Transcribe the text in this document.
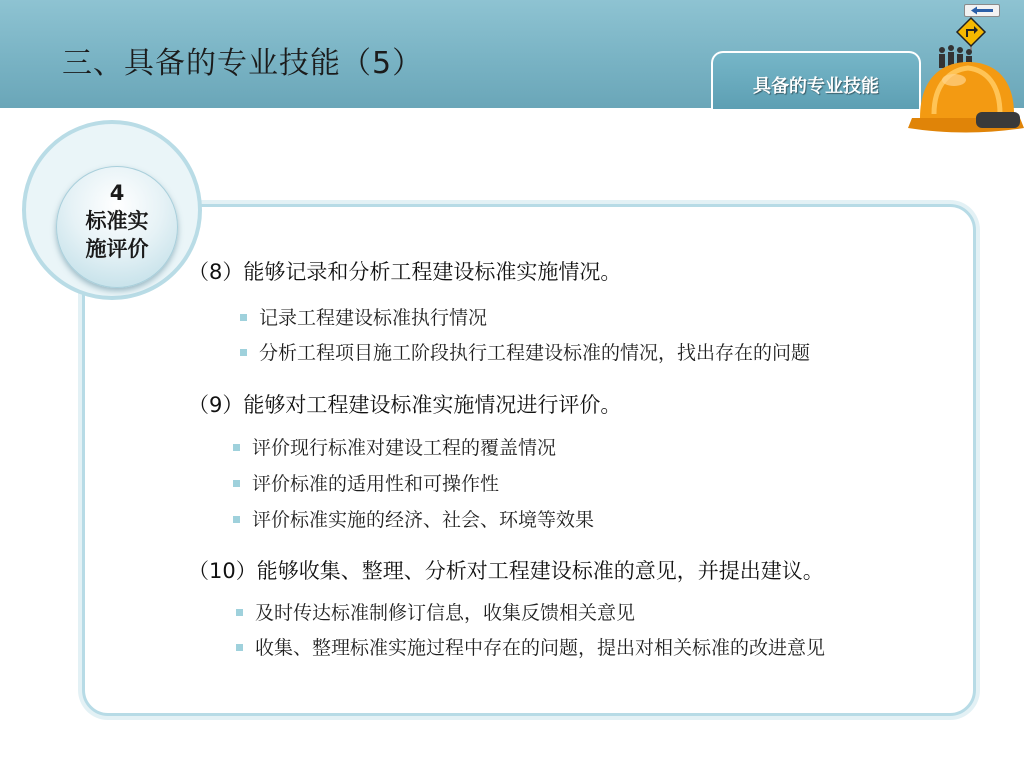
三、具备的专业技能（5）
具备的专业技能
4
标准实
施评价
（8）能够记录和分析工程建设标准实施情况。
记录工程建设标准执行情况
分析工程项目施工阶段执行工程建设标准的情况，找出存在的问题
（9）能够对工程建设标准实施情况进行评价。
评价现行标准对建设工程的覆盖情况
评价标准的适用性和可操作性
评价标准实施的经济、社会、环境等效果
（10）能够收集、整理、分析对工程建设标准的意见，并提出建议。
及时传达标准制修订信息，收集反馈相关意见
收集、整理标准实施过程中存在的问题，提出对相关标准的改进意见
